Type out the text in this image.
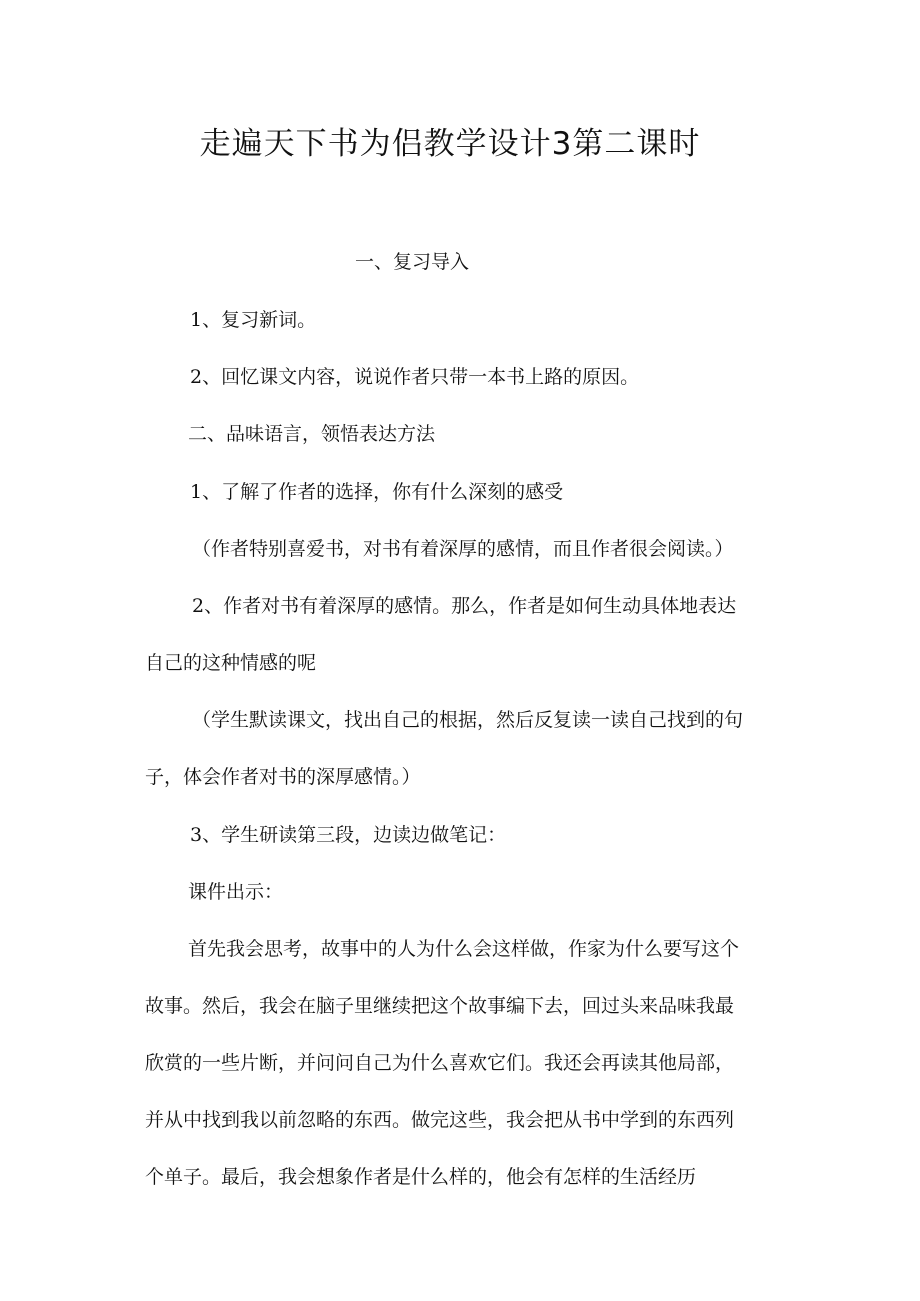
走遍天下书为侣教学设计3第二课时

一、复习导入

1、复习新词。

2、回忆课文内容，说说作者只带一本书上路的原因。

二、品味语言，领悟表达方法

1、了解了作者的选择，你有什么深刻的感受

（作者特别喜爱书，对书有着深厚的感情，而且作者很会阅读。）

2、作者对书有着深厚的感情。那么，作者是如何生动具体地表达

自己的这种情感的呢

（学生默读课文，找出自己的根据，然后反复读一读自己找到的句

子，体会作者对书的深厚感情。）

3、学生研读第三段，边读边做笔记：

课件出示：

首先我会思考，故事中的人为什么会这样做，作家为什么要写这个

故事。然后，我会在脑子里继续把这个故事编下去，回过头来品味我最

欣赏的一些片断，并问问自己为什么喜欢它们。我还会再读其他局部，

并从中找到我以前忽略的东西。做完这些，我会把从书中学到的东西列

个单子。最后，我会想象作者是什么样的，他会有怎样的生活经历
